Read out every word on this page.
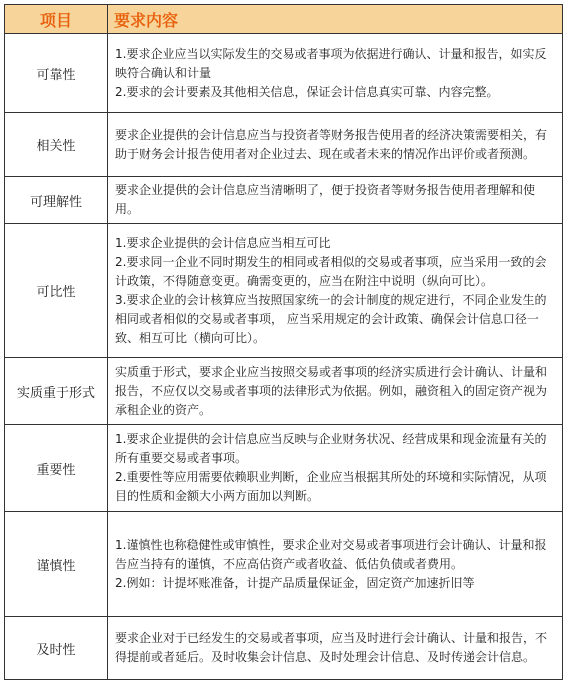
项目	要求内容
可靠性	1.要求企业应当以实际发生的交易或者事项为依据进行确认、计量和报告，如实反映符合确认和计量
2.要求的会计要素及其他相关信息，保证会计信息真实可靠、内容完整。

相关性	要求企业提供的会计信息应当与投资者等财务报告使用者的经济决策需要相关，有助于财务会计报告使用者对企业过去、现在或者未来的情况作出评价或者预测。

可理解性	要求企业提供的会计信息应当清晰明了，便于投资者等财务报告使用者理解和使用。

可比性	1.要求企业提供的会计信息应当相互可比
2.要求同一企业不同时期发生的相同或者相似的交易或者事项，应当采用一致的会计政策，不得随意变更。确需变更的，应当在附注中说明（纵向可比）。
3.要求企业的会计核算应当按照国家统一的会计制度的规定进行，不同企业发生的相同或者相似的交易或者事项， 应当采用规定的会计政策、确保会计信息口径一致、相互可比（横向可比）。

实质重于形式	实质重于形式，要求企业应当按照交易或者事项的经济实质进行会计确认、计量和报告，不应仅以交易或者事项的法律形式为依据。例如，融资租入的固定资产视为承租企业的资产。

重要性	1.要求企业提供的会计信息应当反映与企业财务状况、经营成果和现金流量有关的所有重要交易或者事项。
2.重要性等应用需要依赖职业判断，企业应当根据其所处的环境和实际情况，从项目的性质和金额大小两方面加以判断。

谨慎性	1.谨慎性也称稳健性或审慎性，要求企业对交易或者事项进行会计确认、计量和报告应当持有的谨慎，不应高估资产或者收益、低估负债或者费用。
2.例如：计提坏账准备，计提产品质量保证金，固定资产加速折旧等

及时性	要求企业对于已经发生的交易或者事项，应当及时进行会计确认、计量和报告，不得提前或者延后。及时收集会计信息、及时处理会计信息、及时传递会计信息。
